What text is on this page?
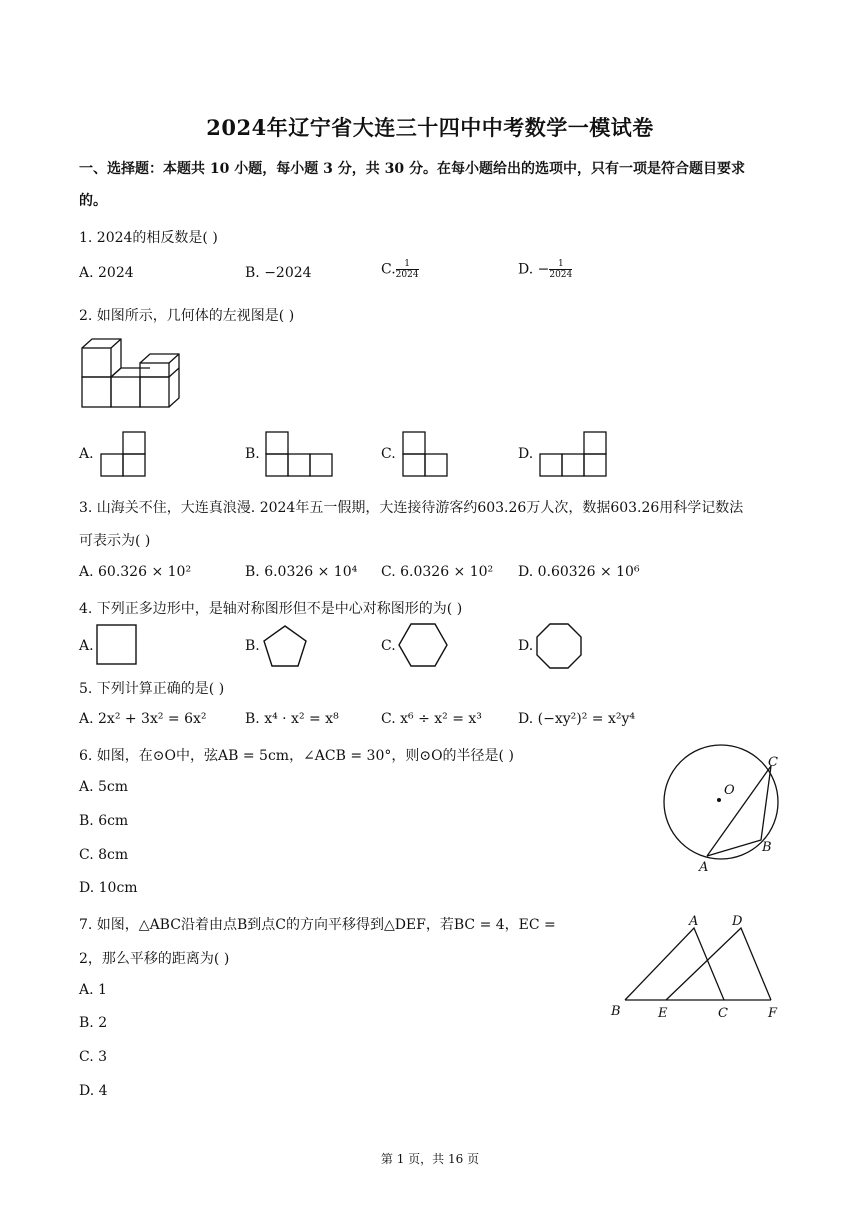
2024年辽宁省大连三十四中中考数学一模试卷
一、选择题：本题共 10 小题，每小题 3 分，共 30 分。在每小题给出的选项中，只有一项是符合题目要求
的。
1. 2024的相反数是( )
A. 2024	B. −2024	C. $\frac{1}{2024}$	D. − $\frac{1}{2024}$
2. 如图所示，几何体的左视图是( )
A.	B.	C.	D.
3. 山海关不住，大连真浪漫. 2024年五一假期，大连接待游客约603.26万人次，数据603.26用科学记数法
可表示为( )
A. 60.326 × 10²	B. 6.0326 × 10⁴ C. 6.0326 × 10² D. 0.60326 × 10⁶
4. 下列正多边形中，是轴对称图形但不是中心对称图形的为( )
A.	B.	C.	D.
5. 下列计算正确的是( )
A. 2x² + 3x² = 6x²	B. x⁴ · x² = x⁸	C. x⁶ ÷ x² = x³	D. (−xy²)² = x²y⁴
6. 如图，在⊙O中，弦AB = 5cm，∠ACB = 30°，则⊙O的半径是( )
A. 5cm
B. 6cm
C. 8cm
D. 10cm
O
C
B
A
7. 如图，△ABC沿着由点B到点C的方向平移得到△DEF，若BC = 4，EC =
2，那么平移的距离为( )
A. 1
B. 2
C. 3
D. 4
A	D
B	E	C	F
第 1 页，共 16 页
